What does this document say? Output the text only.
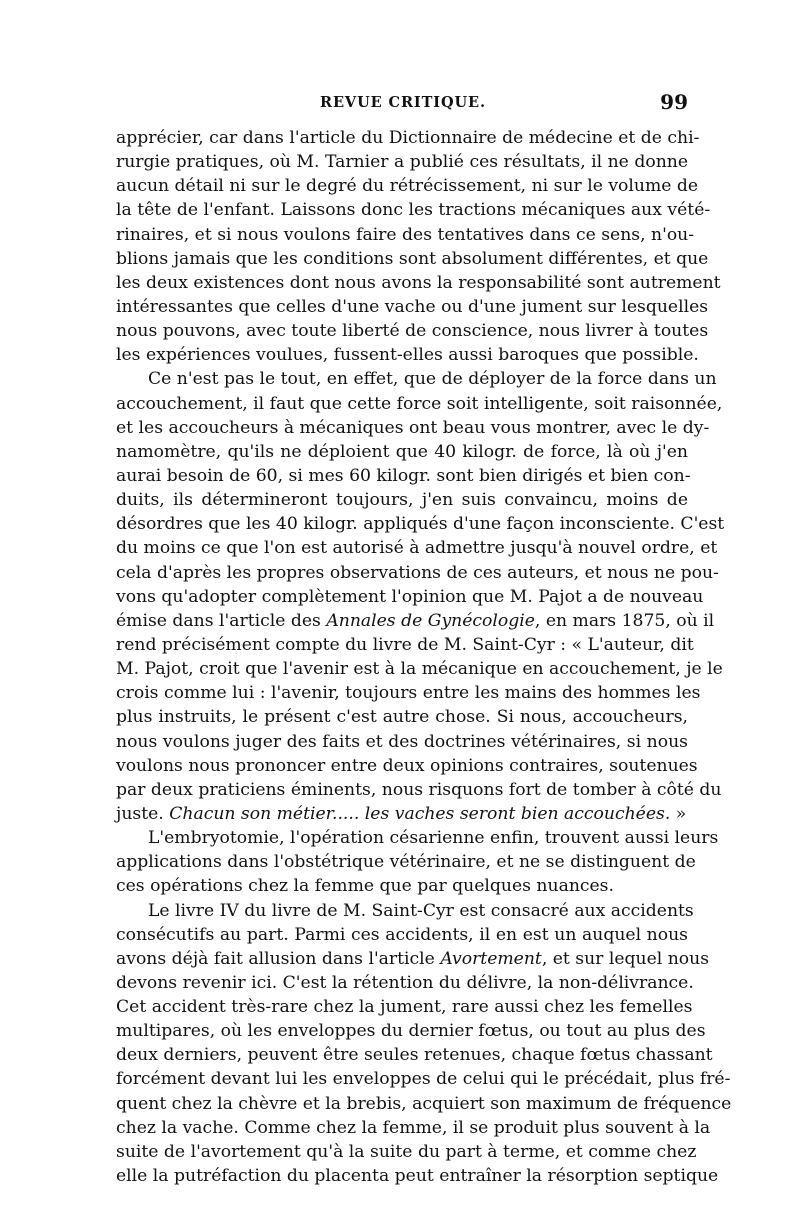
REVUE CRITIQUE.	99
apprécier, car dans l'article du Dictionnaire de médecine et de chi-
rurgie pratiques, où M. Tarnier a publié ces résultats, il ne donne
aucun détail ni sur le degré du rétrécissement, ni sur le volume de
la tête de l'enfant. Laissons donc les tractions mécaniques aux vété-
rinaires, et si nous voulons faire des tentatives dans ce sens, n'ou-
blions jamais que les conditions sont absolument différentes, et que
les deux existences dont nous avons la responsabilité sont autrement
intéressantes que celles d'une vache ou d'une jument sur lesquelles
nous pouvons, avec toute liberté de conscience, nous livrer à toutes
les expériences voulues, fussent-elles aussi baroques que possible.
Ce n'est pas le tout, en effet, que de déployer de la force dans un
accouchement, il faut que cette force soit intelligente, soit raisonnée,
et les accoucheurs à mécaniques ont beau vous montrer, avec le dy-
namomètre, qu'ils ne déploient que 40 kilogr. de force, là où j'en
aurai besoin de 60, si mes 60 kilogr. sont bien dirigés et bien con-
duits, ils détermineront toujours, j'en suis convaincu, moins de
désordres que les 40 kilogr. appliqués d'une façon inconsciente. C'est
du moins ce que l'on est autorisé à admettre jusqu'à nouvel ordre, et
cela d'après les propres observations de ces auteurs, et nous ne pou-
vons qu'adopter complètement l'opinion que M. Pajot a de nouveau
émise dans l'article des Annales de Gynécologie, en mars 1875, où il
rend précisément compte du livre de M. Saint-Cyr : « L'auteur, dit
M. Pajot, croit que l'avenir est à la mécanique en accouchement, je le
crois comme lui : l'avenir, toujours entre les mains des hommes les
plus instruits, le présent c'est autre chose. Si nous, accoucheurs,
nous voulons juger des faits et des doctrines vétérinaires, si nous
voulons nous prononcer entre deux opinions contraires, soutenues
par deux praticiens éminents, nous risquons fort de tomber à côté du
juste. Chacun son métier..... les vaches seront bien accouchées. »
L'embryotomie, l'opération césarienne enfin, trouvent aussi leurs
applications dans l'obstétrique vétérinaire, et ne se distinguent de
ces opérations chez la femme que par quelques nuances.
Le livre IV du livre de M. Saint-Cyr est consacré aux accidents
consécutifs au part. Parmi ces accidents, il en est un auquel nous
avons déjà fait allusion dans l'article Avortement, et sur lequel nous
devons revenir ici. C'est la rétention du délivre, la non-délivrance.
Cet accident très-rare chez la jument, rare aussi chez les femelles
multipares, où les enveloppes du dernier fœtus, ou tout au plus des
deux derniers, peuvent être seules retenues, chaque fœtus chassant
forcément devant lui les enveloppes de celui qui le précédait, plus fré-
quent chez la chèvre et la brebis, acquiert son maximum de fréquence
chez la vache. Comme chez la femme, il se produit plus souvent à la
suite de l'avortement qu'à la suite du part à terme, et comme chez
elle la putréfaction du placenta peut entraîner la résorption septique
